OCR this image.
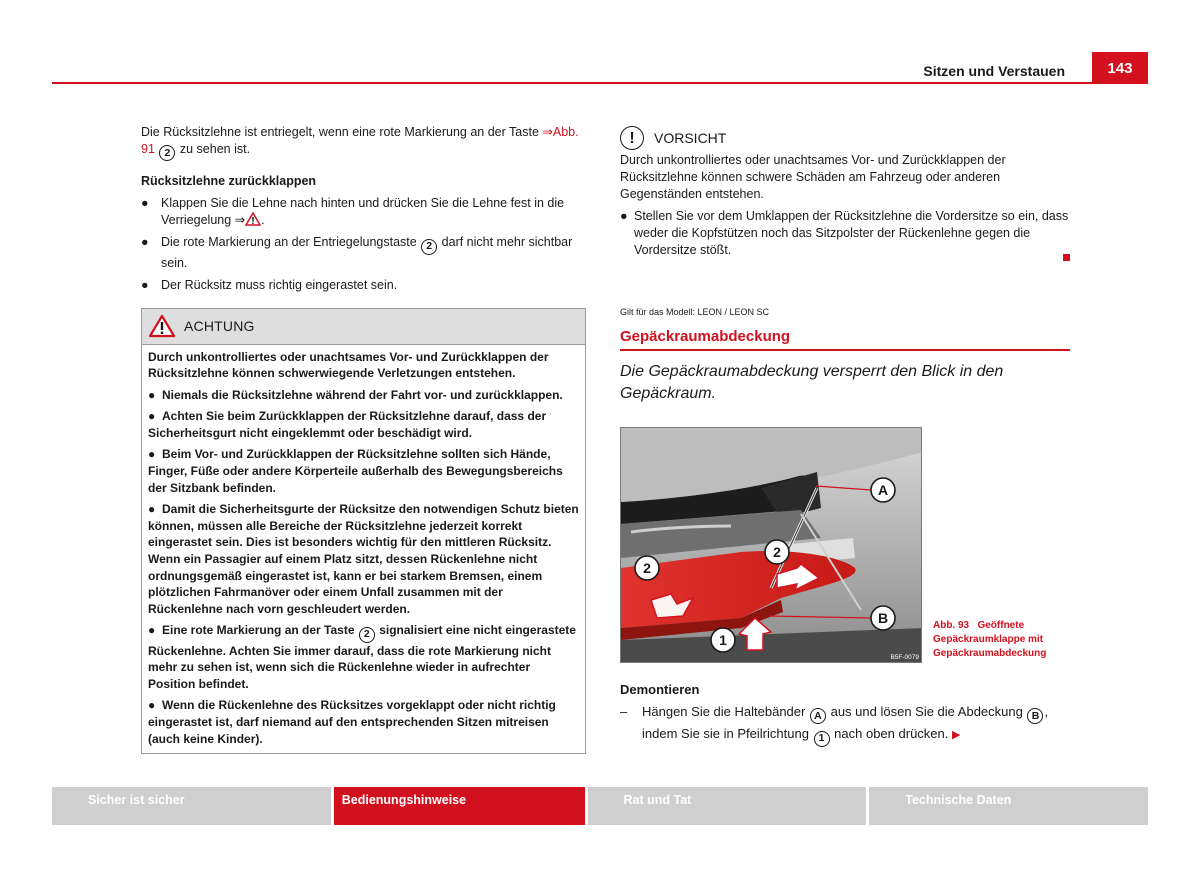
Sitzen und Verstauen	143

Die Rücksitzlehne ist entriegelt, wenn eine rote Markierung an der Taste ⇒Abb. 91 2 zu sehen ist.

Rücksitzlehne zurückklappen

● Klappen Sie die Lehne nach hinten und drücken Sie die Lehne fest in die Verriegelung ⇒ .
● Die rote Markierung an der Entriegelungstaste 2 darf nicht mehr sichtbar sein.
● Der Rücksitz muss richtig eingerastet sein.
ACHTUNG
Durch unkontrolliertes oder unachtsames Vor- und Zurückklappen der Rücksitzlehne können schwerwiegende Verletzungen entstehen.
● Niemals die Rücksitzlehne während der Fahrt vor- und zurückklappen.
● Achten Sie beim Zurückklappen der Rücksitzlehne darauf, dass der Sicherheitsgurt nicht eingeklemmt oder beschädigt wird.
● Beim Vor- und Zurückklappen der Rücksitzlehne sollten sich Hände, Finger, Füße oder andere Körperteile außerhalb des Bewegungsbereichs der Sitzbank befinden.
● Damit die Sicherheitsgurte der Rücksitze den notwendigen Schutz bieten können, müssen alle Bereiche der Rücksitzlehne jederzeit korrekt eingerastet sein. Dies ist besonders wichtig für den mittleren Rücksitz. Wenn ein Passagier auf einem Platz sitzt, dessen Rückenlehne nicht ordnungsgemäß eingerastet ist, kann er bei starkem Bremsen, einem plötzlichen Fahrmanöver oder einem Unfall zusammen mit der Rückenlehne nach vorn geschleudert werden.
● Eine rote Markierung an der Taste 2 signalisiert eine nicht eingerastete Rückenlehne. Achten Sie immer darauf, dass die rote Markierung nicht mehr zu sehen ist, wenn sich die Rückenlehne wieder in aufrechter Position befindet.
● Wenn die Rückenlehne des Rücksitzes vorgeklappt oder nicht richtig eingerastet ist, darf niemand auf den entsprechenden Sitzen mitreisen (auch keine Kinder).
!	VORSICHT

Durch unkontrolliertes oder unachtsames Vor- und Zurückklappen der Rücksitzlehne können schwere Schäden am Fahrzeug oder anderen Gegenständen entstehen.

● Stellen Sie vor dem Umklappen der Rücksitzlehne die Vordersitze so ein, dass weder die Kopfstützen noch das Sitzpolster der Rückenlehne gegen die Vordersitze stößt.

Gilt für das Modell: LEON / LEON SC

Gepäckraumabdeckung

Die Gepäckraumabdeckung versperrt den Blick in den Gepäckraum.

A
B
2
2
1
B5F-0079
Abb. 93 Geöffnete Gepäckraumklappe mit Gepäckraumabdeckung

Demontieren

–	Hängen Sie die Haltebänder A aus und lösen Sie die Abdeckung B , indem Sie sie in Pfeilrichtung 1 nach oben drücken. ▶
Sicher ist sicher	Bedienungshinweise	Rat und Tat	Technische Daten
